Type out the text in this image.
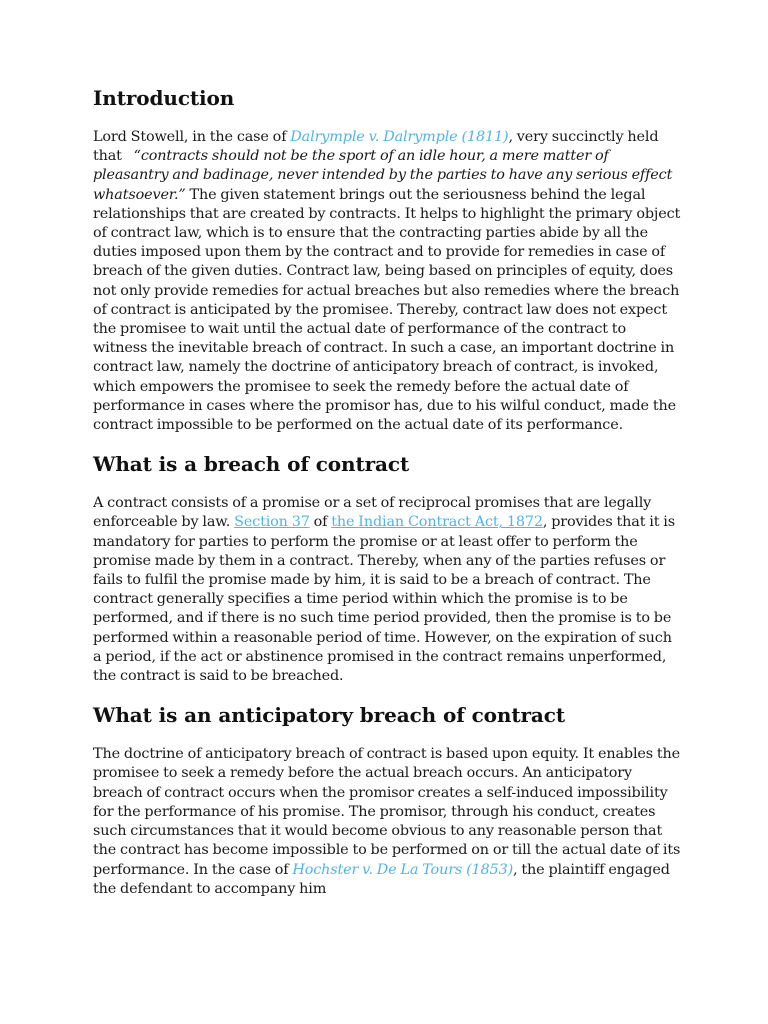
Introduction

Lord Stowell, in the case of Dalrymple v. Dalrymple (1811), very succinctly held that   “contracts should not be the sport of an idle hour, a mere matter of pleasantry and badinage, never intended by the parties to have any serious effect whatsoever.” The given statement brings out the seriousness behind the legal relationships that are created by contracts. It helps to highlight the primary object of contract law, which is to ensure that the contracting parties abide by all the duties imposed upon them by the contract and to provide for remedies in case of breach of the given duties. Contract law, being based on principles of equity, does not only provide remedies for actual breaches but also remedies where the breach of contract is anticipated by the promisee. Thereby, contract law does not expect the promisee to wait until the actual date of performance of the contract to witness the inevitable breach of contract. In such a case, an important doctrine in contract law, namely the doctrine of anticipatory breach of contract, is invoked, which empowers the promisee to seek the remedy before the actual date of performance in cases where the promisor has, due to his wilful conduct, made the contract impossible to be performed on the actual date of its performance.

What is a breach of contract

A contract consists of a promise or a set of reciprocal promises that are legally enforceable by law. Section 37 of the Indian Contract Act, 1872, provides that it is mandatory for parties to perform the promise or at least offer to perform the promise made by them in a contract. Thereby, when any of the parties refuses or fails to fulfil the promise made by him, it is said to be a breach of contract. The contract generally specifies a time period within which the promise is to be performed, and if there is no such time period provided, then the promise is to be performed within a reasonable period of time. However, on the expiration of such a period, if the act or abstinence promised in the contract remains unperformed, the contract is said to be breached.

What is an anticipatory breach of contract

The doctrine of anticipatory breach of contract is based upon equity. It enables the promisee to seek a remedy before the actual breach occurs. An anticipatory breach of contract occurs when the promisor creates a self-induced impossibility for the performance of his promise. The promisor, through his conduct, creates such circumstances that it would become obvious to any reasonable person that the contract has become impossible to be performed on or till the actual date of its performance. In the case of Hochster v. De La Tours (1853), the plaintiff engaged the defendant to accompany him
